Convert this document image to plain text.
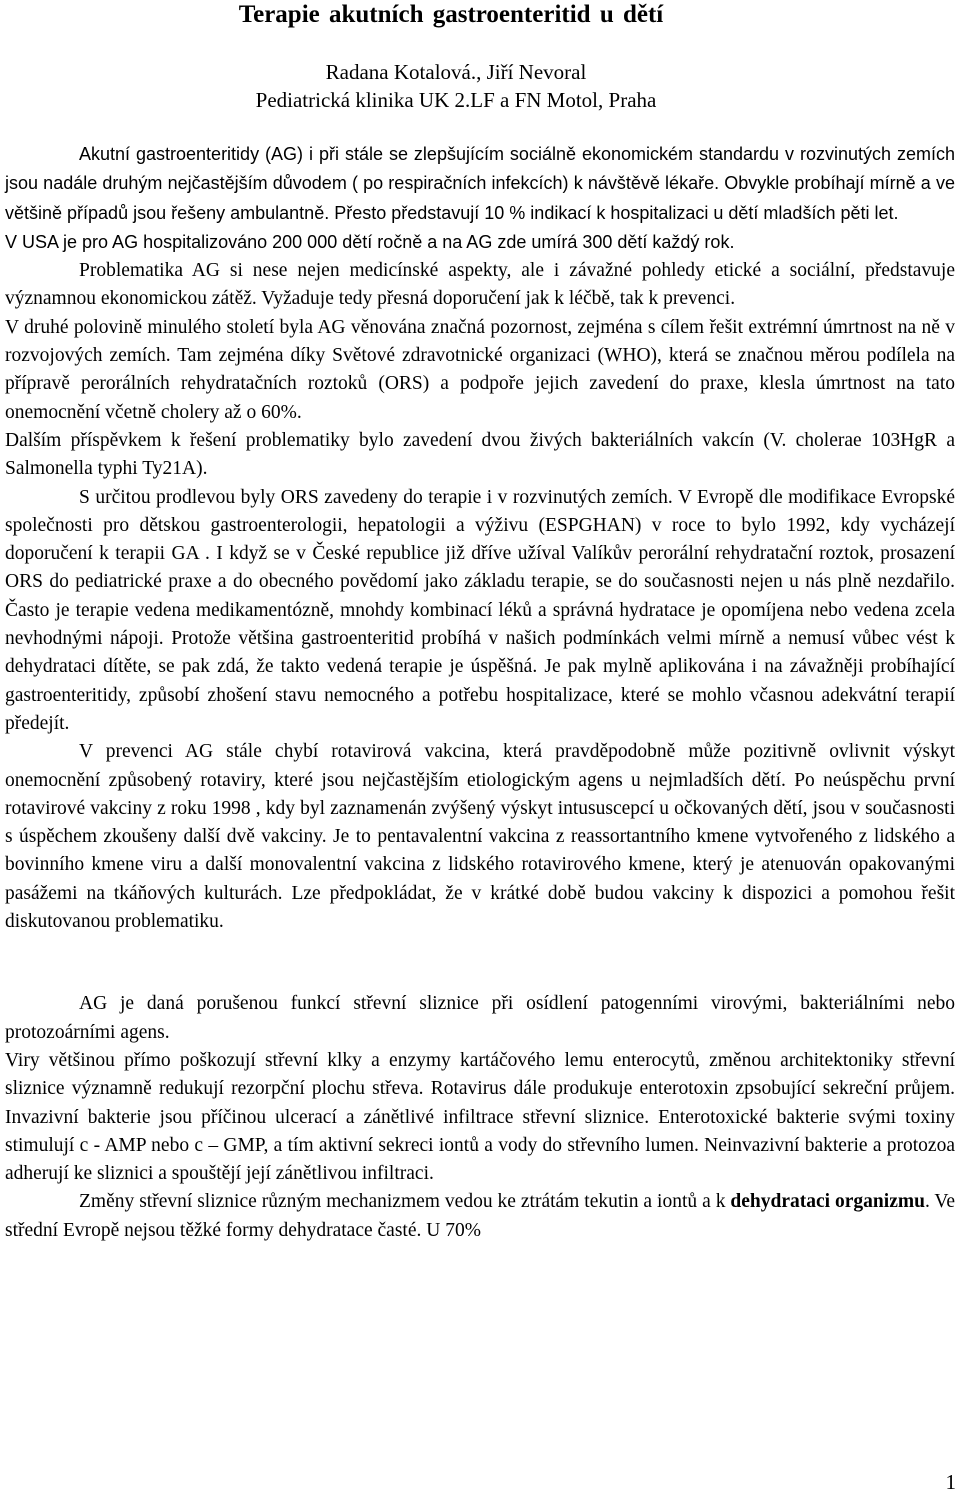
Terapie akutních gastroenteritid u dětí
Radana Kotalová., Jiří Nevoral
Pediatrická klinika UK 2.LF a FN Motol, Praha

Akutní gastroenteritidy (AG) i při stále se zlepšujícím sociálně ekonomickém standardu v rozvinutých zemích jsou nadále druhým nejčastějším důvodem ( po respiračních infekcích) k návštěvě lékaře. Obvykle probíhají mírně a ve většině případů jsou řešeny ambulantně. Přesto představují 10 % indikací k hospitalizaci u dětí mladších pěti let.

V USA je pro AG hospitalizováno 200 000 dětí ročně a na AG zde umírá 300 dětí každý rok.

Problematika AG si nese nejen medicínské aspekty, ale i závažné pohledy etické a sociální, představuje významnou ekonomickou zátěž. Vyžaduje tedy přesná doporučení jak k léčbě, tak k prevenci.

V druhé polovině minulého století byla AG věnována značná pozornost, zejména s cílem řešit extrémní úmrtnost na ně v rozvojových zemích. Tam zejména díky Světové zdravotnické organizaci (WHO), která se značnou měrou podílela na přípravě perorálních rehydratačních roztoků (ORS) a podpoře jejich zavedení do praxe, klesla úmrtnost na tato onemocnění včetně cholery až o 60%.

Dalším příspěvkem k řešení problematiky bylo zavedení dvou živých bakteriálních vakcín (V. cholerae 103HgR a Salmonella typhi Ty21A).

S určitou prodlevou byly ORS zavedeny do terapie i v rozvinutých zemích. V Evropě dle modifikace Evropské společnosti pro dětskou gastroenterologii, hepatologii a výživu (ESPGHAN) v roce to bylo 1992, kdy vycházejí doporučení k terapii GA . I když se v České republice již dříve užíval Valíkův perorální rehydratační roztok, prosazení ORS do pediatrické praxe a do obecného povědomí jako základu terapie, se do současnosti nejen u nás plně nezdařilo. Často je terapie vedena medikamentózně, mnohdy kombinací léků a správná hydratace je opomíjena nebo vedena zcela nevhodnými nápoji. Protože většina gastroenteritid probíhá v našich podmínkách velmi mírně a nemusí vůbec vést k dehydrataci dítěte, se pak zdá, že takto vedená terapie je úspěšná. Je pak mylně aplikována i na závažněji probíhající gastroenteritidy, způsobí zhošení stavu nemocného a potřebu hospitalizace, které se mohlo včasnou adekvátní terapií předejít.

V prevenci AG stále chybí rotavirová vakcina, která pravděpodobně může pozitivně ovlivnit výskyt onemocnění způsobený rotaviry, které jsou nejčastějším etiologickým agens u nejmladších dětí. Po neúspěchu první rotavirové vakciny z roku 1998 , kdy byl zaznamenán zvýšený výskyt intususcepcí u očkovaných dětí, jsou v současnosti s úspěchem zkoušeny další dvě vakciny. Je to pentavalentní vakcina z reassortantního kmene vytvořeného z lidského a bovinního kmene viru a další monovalentní vakcina z lidského rotavirového kmene, který je atenuován opakovanými pasážemi na tkáňových kulturách. Lze předpokládat, že v krátké době budou vakciny k dispozici a pomohou řešit diskutovanou problematiku.

AG je daná porušenou funkcí střevní sliznice při osídlení patogenními virovými, bakteriálními nebo protozoárními agens.

Viry většinou přímo poškozují střevní klky a enzymy kartáčového lemu enterocytů, změnou architektoniky střevní sliznice významně redukují rezorpční plochu střeva. Rotavirus dále produkuje enterotoxin zpsobující sekreční průjem. Invazivní bakterie jsou příčinou ulcerací a zánětlivé infiltrace střevní sliznice. Enterotoxické bakterie svými toxiny stimulují c - AMP nebo c – GMP, a tím aktivní sekreci iontů a vody do střevního lumen. Neinvazivní bakterie a protozoa adherují ke sliznici a spouštějí její zánětlivou infiltraci.

Změny střevní sliznice různým mechanizmem vedou ke ztrátám tekutin a iontů a k dehydrataci organizmu. Ve střední Evropě nejsou těžké formy dehydratace časté. U 70%

1
